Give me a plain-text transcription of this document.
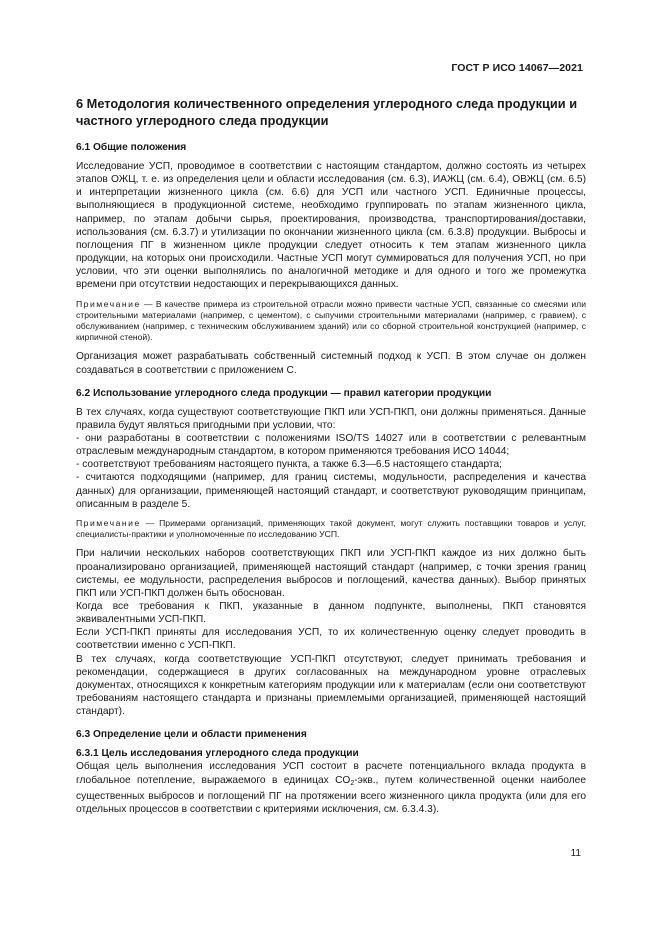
ГОСТ Р ИСО 14067—2021
6 Методология количественного определения углеродного следа продукции и частного углеродного следа продукции
6.1 Общие положения

Исследование УСП, проводимое в соответствии с настоящим стандартом, должно состоять из четырех этапов ОЖЦ, т. е. из определения цели и области исследования (см. 6.3), ИАЖЦ (см. 6.4), ОВЖЦ (см. 6.5) и интерпретации жизненного цикла (см. 6.6) для УСП или частного УСП. Единичные процессы, выполняющиеся в продукционной системе, необходимо группировать по этапам жизненного цикла, например, по этапам добычи сырья, проектирования, производства, транспортирования/доставки, использования (см. 6.3.7) и утилизации по окончании жизненного цикла (см. 6.3.8) продукции. Выбросы и поглощения ПГ в жизненном цикле продукции следует относить к тем этапам жизненного цикла продукции, на которых они происходили. Частные УСП могут суммироваться для получения УСП, но при условии, что эти оценки выполнялись по аналогичной методике и для одного и того же промежутка времени при отсутствии недостающих и перекрывающихся данных.

Примечание — В качестве примера из строительной отрасли можно привести частные УСП, связанные со смесями или строительными материалами (например, с цементом), с сыпучими строительными материалами (например, с гравием), с обслуживанием (например, с техническим обслуживанием зданий) или со сборной строительной конструкцией (например, с кирпичной стеной).

Организация может разрабатывать собственный системный подход к УСП. В этом случае он должен создаваться в соответствии с приложением С.

6.2 Использование углеродного следа продукции — правил категории продукции

В тех случаях, когда существуют соответствующие ПКП или УСП-ПКП, они должны применяться. Данные правила будут являться пригодными при условии, что:

- они разработаны в соответствии с положениями ISO/TS 14027 или в соответствии с релевантным отраслевым международным стандартом, в котором применяются требования ИСО 14044;

- соответствуют требованиям настоящего пункта, а также 6.3—6.5 настоящего стандарта;

- считаются подходящими (например, для границ системы, модульности, распределения и качества данных) для организации, применяющей настоящий стандарт, и соответствуют руководящим принципам, описанным в разделе 5.

Примечание — Примерами организаций, применяющих такой документ, могут служить поставщики товаров и услуг, специалисты-практики и уполномоченные по исследованию УСП.

При наличии нескольких наборов соответствующих ПКП или УСП-ПКП каждое из них должно быть проанализировано организацией, применяющей настоящий стандарт (например, с точки зрения границ системы, ее модульности, распределения выбросов и поглощений, качества данных). Выбор принятых ПКП или УСП-ПКП должен быть обоснован.

Когда все требования к ПКП, указанные в данном подпункте, выполнены, ПКП становятся эквивалентными УСП-ПКП.

Если УСП-ПКП приняты для исследования УСП, то их количественную оценку следует проводить в соответствии именно с УСП-ПКП.

В тех случаях, когда соответствующие УСП-ПКП отсутствуют, следует принимать требования и рекомендации, содержащиеся в других согласованных на международном уровне отраслевых документах, относящихся к конкретным категориям продукции или к материалам (если они соответствуют требованиям настоящего стандарта и признаны приемлемыми организацией, применяющей настоящий стандарт).

6.3 Определение цели и области применения
6.3.1 Цель исследования углеродного следа продукции

Общая цель выполнения исследования УСП состоит в расчете потенциального вклада продукта в глобальное потепление, выражаемого в единицах CO2-экв., путем количественной оценки наиболее существенных выбросов и поглощений ПГ на протяжении всего жизненного цикла продукта (или для его отдельных процессов в соответствии с критериями исключения, см. 6.3.4.3).

11
